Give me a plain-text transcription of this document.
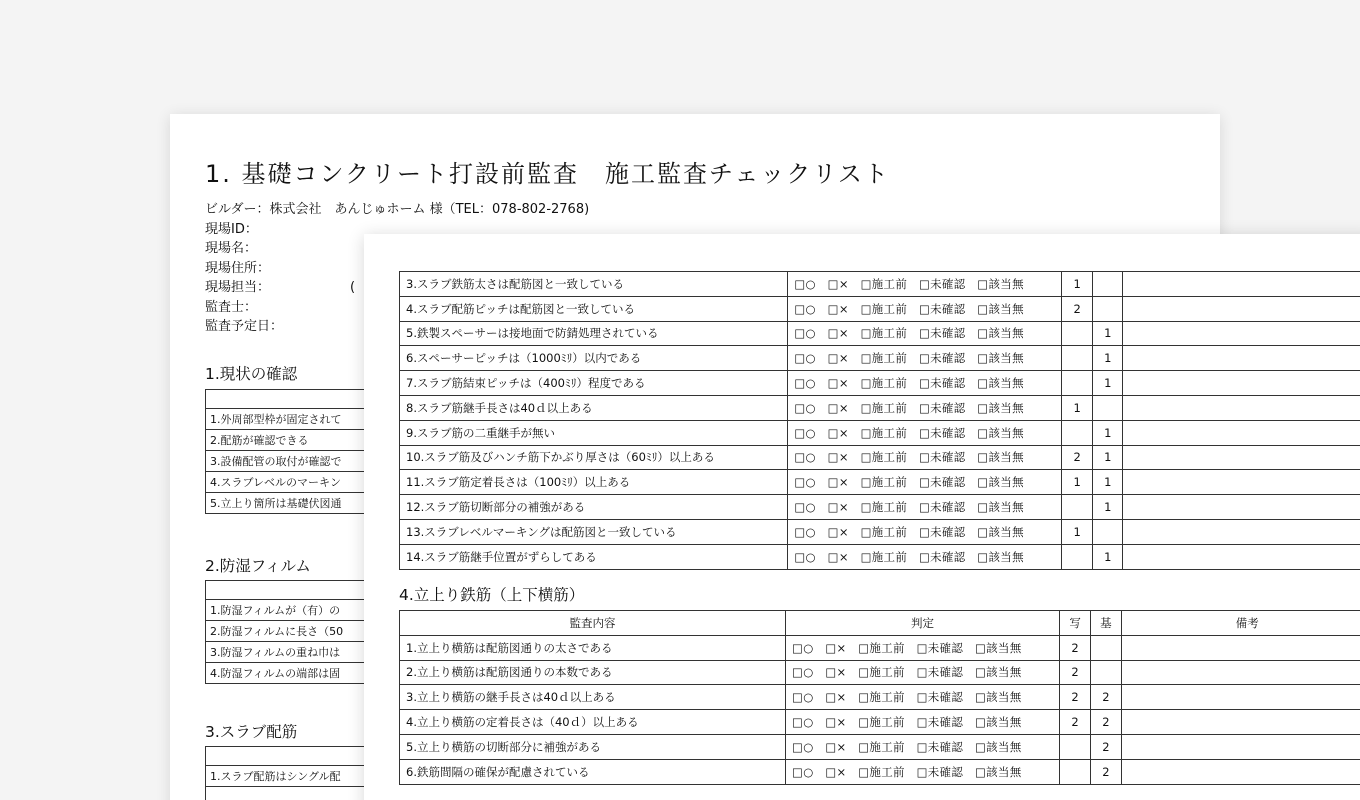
1. 基礎コンクリート打設前監査　施工監査チェックリスト
ビルダー：株式会社　あんじゅホーム 様（TEL：078-802-2768)
現場ID：
現場名：
現場住所：
現場担当：	(
監査士：
監査予定日：
1.現状の確認

1.外周部型枠が固定されて
2.配筋が確認できる
3.設備配管の取付が確認で
4.スラブレベルのマーキン
5.立上り箇所は基礎伏図通
2.防湿フィルム

1.防湿フィルムが（有）の
2.防湿フィルムに長さ（50
3.防湿フィルムの重ね巾は
4.防湿フィルムの端部は固
3.スラブ配筋

1.スラブ配筋はシングル配

3.スラブ鉄筋太さは配筋図と一致している	□○　□×　□施工前　□未確認　□該当無	1		
4.スラブ配筋ピッチは配筋図と一致している	□○　□×　□施工前　□未確認　□該当無	2		
5.鉄製スペーサーは接地面で防錆処理されている	□○　□×　□施工前　□未確認　□該当無		1	
6.スペーサーピッチは（1000ﾐﾘ）以内である	□○　□×　□施工前　□未確認　□該当無		1	
7.スラブ筋結束ピッチは（400ﾐﾘ）程度である	□○　□×　□施工前　□未確認　□該当無		1	
8.スラブ筋継手長さは40ｄ以上ある	□○　□×　□施工前　□未確認　□該当無	1		
9.スラブ筋の二重継手が無い	□○　□×　□施工前　□未確認　□該当無		1	
10.スラブ筋及びハンチ筋下かぶり厚さは（60ﾐﾘ）以上ある	□○　□×　□施工前　□未確認　□該当無	2	1	
11.スラブ筋定着長さは（100ﾐﾘ）以上ある	□○　□×　□施工前　□未確認　□該当無	1	1	
12.スラブ筋切断部分の補強がある	□○　□×　□施工前　□未確認　□該当無		1	
13.スラブレベルマーキングは配筋図と一致している	□○　□×　□施工前　□未確認　□該当無	1		
14.スラブ筋継手位置がずらしてある	□○　□×　□施工前　□未確認　□該当無		1	
4.立上り鉄筋（上下横筋）
監査内容	判定	写	基	備考
1.立上り横筋は配筋図通りの太さである	□○　□×　□施工前　□未確認　□該当無	2		
2.立上り横筋は配筋図通りの本数である	□○　□×　□施工前　□未確認　□該当無	2		
3.立上り横筋の継手長さは40ｄ以上ある	□○　□×　□施工前　□未確認　□該当無	2	2	
4.立上り横筋の定着長さは（40ｄ）以上ある	□○　□×　□施工前　□未確認　□該当無	2	2	
5.立上り横筋の切断部分に補強がある	□○　□×　□施工前　□未確認　□該当無		2	
6.鉄筋間隔の確保が配慮されている	□○　□×　□施工前　□未確認　□該当無		2	
